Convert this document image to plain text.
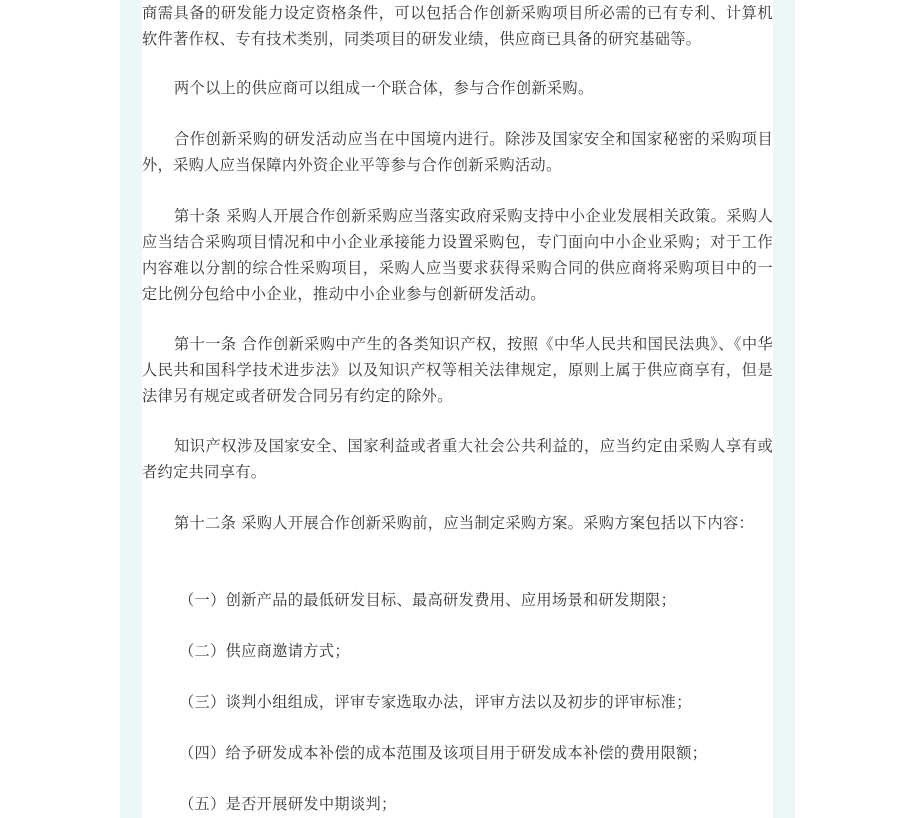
商需具备的研发能力设定资格条件，可以包括合作创新采购项目所必需的已有专利、计算机软件著作权、专有技术类别，同类项目的研发业绩，供应商已具备的研究基础等。

两个以上的供应商可以组成一个联合体，参与合作创新采购。

合作创新采购的研发活动应当在中国境内进行。除涉及国家安全和国家秘密的采购项目外，采购人应当保障内外资企业平等参与合作创新采购活动。

第十条 采购人开展合作创新采购应当落实政府采购支持中小企业发展相关政策。采购人应当结合采购项目情况和中小企业承接能力设置采购包，专门面向中小企业采购；对于工作内容难以分割的综合性采购项目，采购人应当要求获得采购合同的供应商将采购项目中的一定比例分包给中小企业，推动中小企业参与创新研发活动。

第十一条 合作创新采购中产生的各类知识产权，按照《中华人民共和国民法典》、《中华人民共和国科学技术进步法》以及知识产权等相关法律规定，原则上属于供应商享有，但是法律另有规定或者研发合同另有约定的除外。

知识产权涉及国家安全、国家利益或者重大社会公共利益的，应当约定由采购人享有或者约定共同享有。

第十二条 采购人开展合作创新采购前，应当制定采购方案。采购方案包括以下内容：

（一）创新产品的最低研发目标、最高研发费用、应用场景和研发期限；

（二）供应商邀请方式；

（三）谈判小组组成，评审专家选取办法，评审方法以及初步的评审标准；

（四）给予研发成本补偿的成本范围及该项目用于研发成本补偿的费用限额；

（五）是否开展研发中期谈判；
